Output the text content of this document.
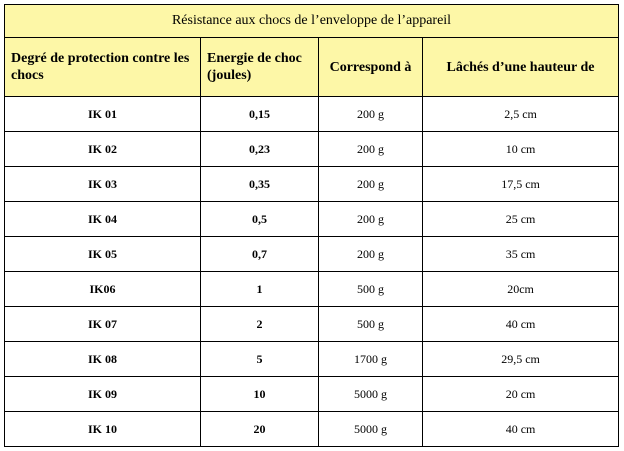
Résistance aux chocs de l’enveloppe de l’appareil			
Degré de protection contre les chocs	Energie de choc (joules)	Correspond à	Lâchés d’une hauteur de
IK 01	0,15	200 g	2,5 cm
IK 02	0,23	200 g	10 cm
IK 03	0,35	200 g	17,5 cm
IK 04	0,5	200 g	25 cm
IK 05	0,7	200 g	35 cm
IK06	1	500 g	20cm
IK 07	2	500 g	40 cm
IK 08	5	1700 g	29,5 cm
IK 09	10	5000 g	20 cm
IK 10	20	5000 g	40 cm
